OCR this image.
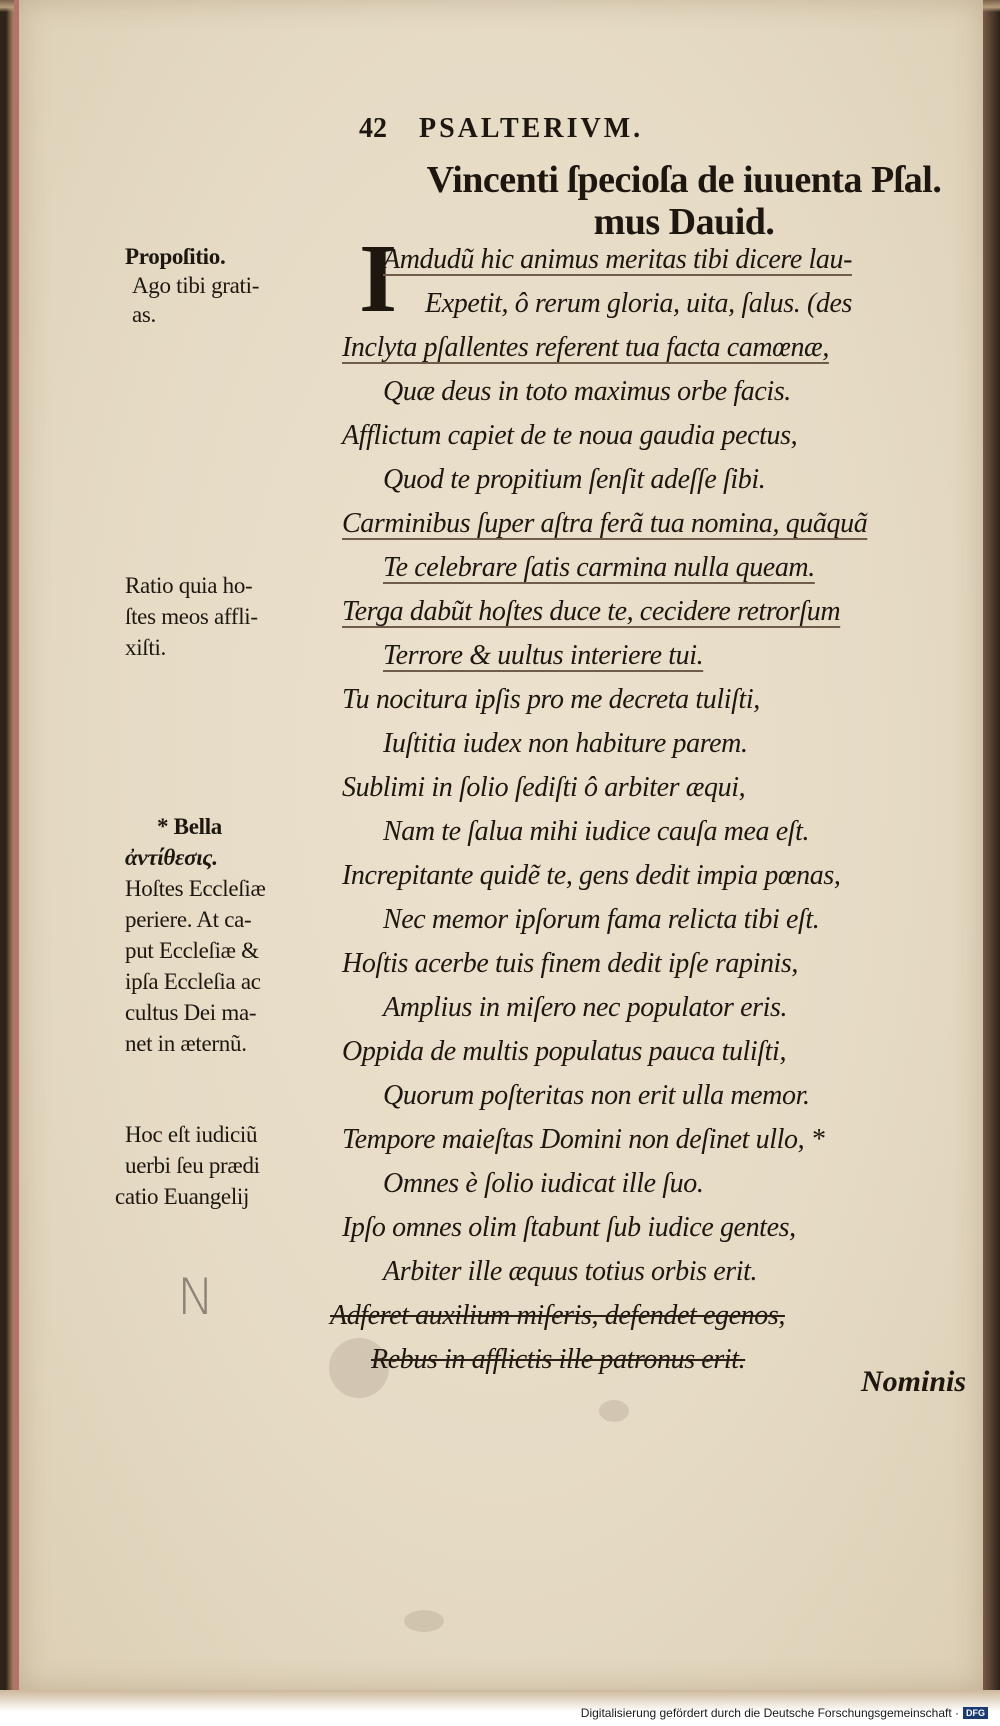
42 PSALTERIVM.
Vincenti ſpecioſa de iuuenta Pſal.
mus Dauid.
I
Amdudũ hic animus meritas tibi dicere lau-
Expetit, ô rerum gloria, uita, ſalus. (des
Inclyta pſallentes referent tua facta camœnæ,
Quæ deus in toto maximus orbe facis.
Afflictum capiet de te noua gaudia pectus,
Quod te propitium ſenſit adeſſe ſibi.
Carminibus ſuper aſtra ferã tua nomina, quãquã
Te celebrare ſatis carmina nulla queam.
Terga dabũt hoſtes duce te, cecidere retrorſum
Terrore & uultus interiere tui.
Tu nocitura ipſis pro me decreta tuliſti,
Iuſtitia iudex non habiture parem.
Sublimi in ſolio ſediſti ô arbiter æqui,
Nam te ſalua mihi iudice cauſa mea eſt.
Increpitante quidẽ te, gens dedit impia pœnas,
Nec memor ipſorum fama relicta tibi eſt.
Hoſtis acerbe tuis finem dedit ipſe rapinis,
Amplius in miſero nec populator eris.
Oppida de multis populatus pauca tuliſti,
Quorum poſteritas non erit ulla memor.
Tempore maieſtas Domini non deſinet ullo, *
Omnes è ſolio iudicat ille ſuo.
Ipſo omnes olim ſtabunt ſub iudice gentes,
Arbiter ille æquus totius orbis erit.
Adferet auxilium miſeris, defendet egenos,
Rebus in afflictis ille patronus erit.
Propoſitio.
Ago tibi grati-
as.
Ratio quia ho-
ſtes meos affli-
xiſti.
* Bella
ἀντίθεσις.
Hoſtes Eccleſiæ
periere. At ca-
put Eccleſiæ &
ipſa Eccleſia ac
cultus Dei ma-
net in æternũ.
Hoc eſt iudiciũ
uerbi ſeu prædi
catio Euangelij
N
Nominis
Digitalisierung gefördert durch die Deutsche Forschungsgemeinschaft · DFG
